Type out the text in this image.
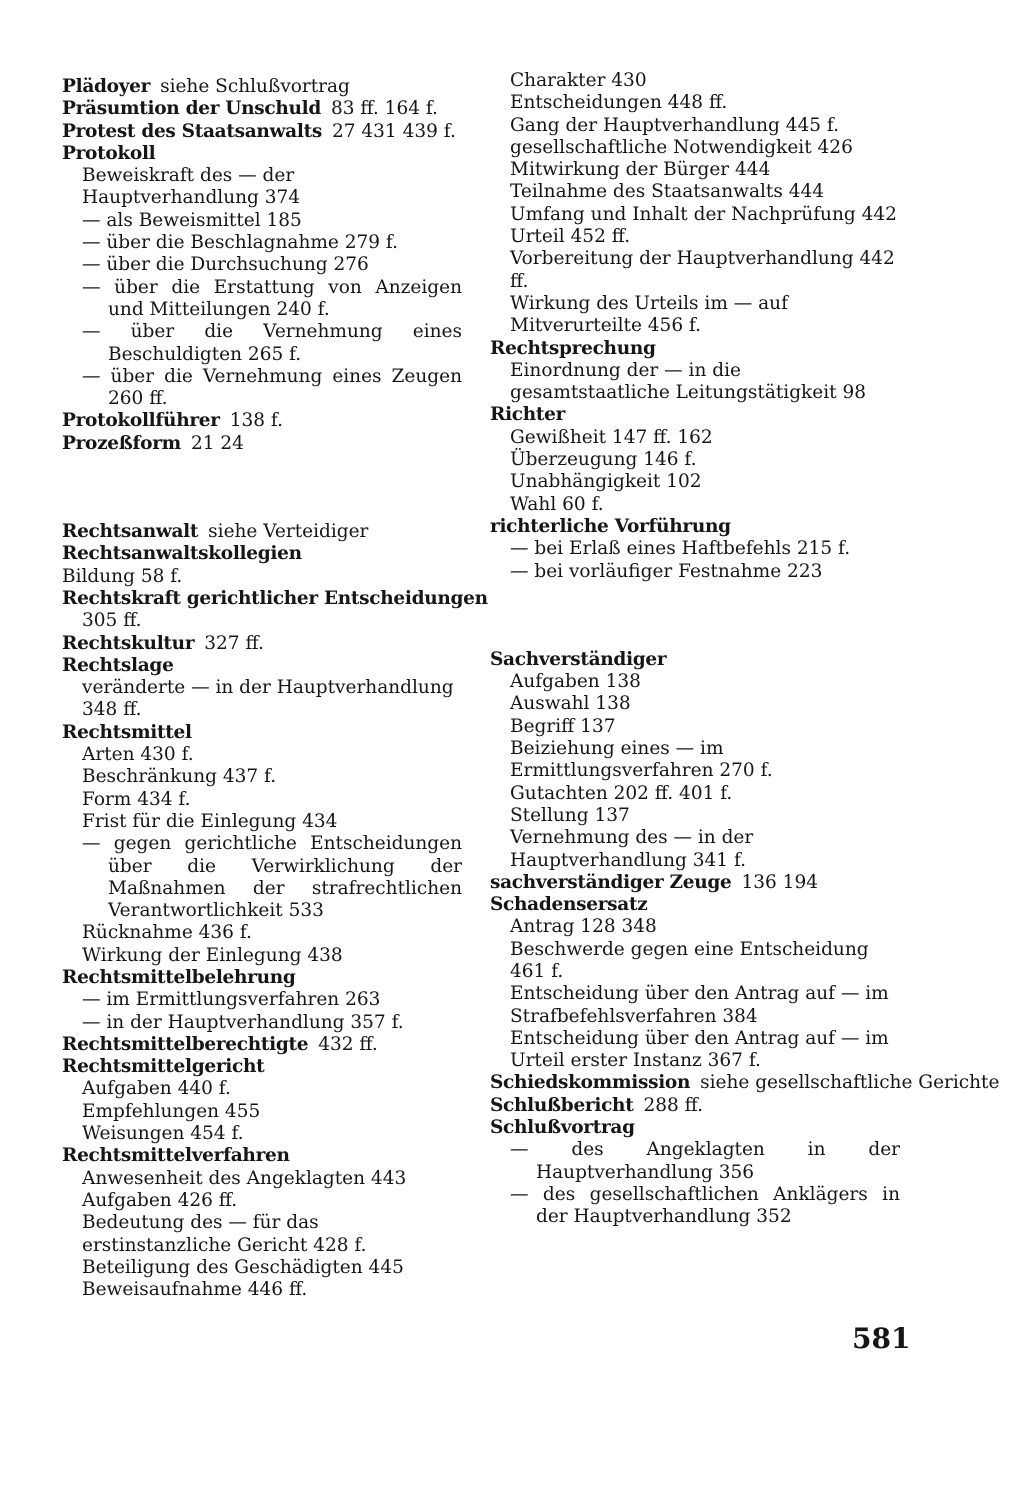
Plädoyer siehe Schlußvortrag
Präsumtion der Unschuld 83 ff. 164 f.
Protest des Staatsanwalts 27 431 439 f.
Protokoll
Beweiskraft des — der Hauptverhandlung 374
— als Beweismittel 185
— über die Beschlagnahme 279 f.
— über die Durchsuchung 276
— über die Erstattung von Anzeigen und Mitteilungen 240 f.
— über die Vernehmung eines Beschuldigten 265 f.
— über die Vernehmung eines Zeugen 260 ff.
Protokollführer 138 f.
Prozeßform 21 24
Rechtsanwalt siehe Verteidiger
Rechtsanwaltskollegien
Bildung 58 f.
Rechtskraft gerichtlicher Entscheidungen
305 ff.
Rechtskultur 327 ff.
Rechtslage
veränderte — in der Hauptverhandlung 348 ff.
Rechtsmittel
Arten 430 f.
Beschränkung 437 f.
Form 434 f.
Frist für die Einlegung 434
— gegen gerichtliche Entscheidungen über die Verwirklichung der Maßnahmen der strafrechtlichen Verantwortlichkeit 533
Rücknahme 436 f.
Wirkung der Einlegung 438
Rechtsmittelbelehrung
— im Ermittlungsverfahren 263
— in der Hauptverhandlung 357 f.
Rechtsmittelberechtigte 432 ff.
Rechtsmittelgericht
Aufgaben 440 f.
Empfehlungen 455
Weisungen 454 f.
Rechtsmittelverfahren
Anwesenheit des Angeklagten 443
Aufgaben 426 ff.
Bedeutung des — für das erstinstanzliche Gericht 428 f.
Beteiligung des Geschädigten 445
Beweisaufnahme 446 ff.
Charakter 430
Entscheidungen 448 ff.
Gang der Hauptverhandlung 445 f.
gesellschaftliche Notwendigkeit 426
Mitwirkung der Bürger 444
Teilnahme des Staatsanwalts 444
Umfang und Inhalt der Nachprüfung 442
Urteil 452 ff.
Vorbereitung der Hauptverhandlung 442 ff.
Wirkung des Urteils im — auf Mitverurteilte 456 f.
Rechtsprechung
Einordnung der — in die gesamtstaatliche Leitungstätigkeit 98
Richter
Gewißheit 147 ff. 162
Überzeugung 146 f.
Unabhängigkeit 102
Wahl 60 f.
richterliche Vorführung
— bei Erlaß eines Haftbefehls 215 f.
— bei vorläufiger Festnahme 223
Sachverständiger
Aufgaben 138
Auswahl 138
Begriff 137
Beiziehung eines — im Ermittlungsverfahren 270 f.
Gutachten 202 ff. 401 f.
Stellung 137
Vernehmung des — in der Hauptverhandlung 341 f.
sachverständiger Zeuge 136 194
Schadensersatz
Antrag 128 348
Beschwerde gegen eine Entscheidung 461 f.
Entscheidung über den Antrag auf — im Strafbefehlsverfahren 384
Entscheidung über den Antrag auf — im Urteil erster Instanz 367 f.
Schiedskommission siehe gesellschaftliche Gerichte
Schlußbericht 288 ff.
Schlußvortrag
— des Angeklagten in der Hauptverhandlung 356
— des gesellschaftlichen Anklägers in der Hauptverhandlung 352
581
